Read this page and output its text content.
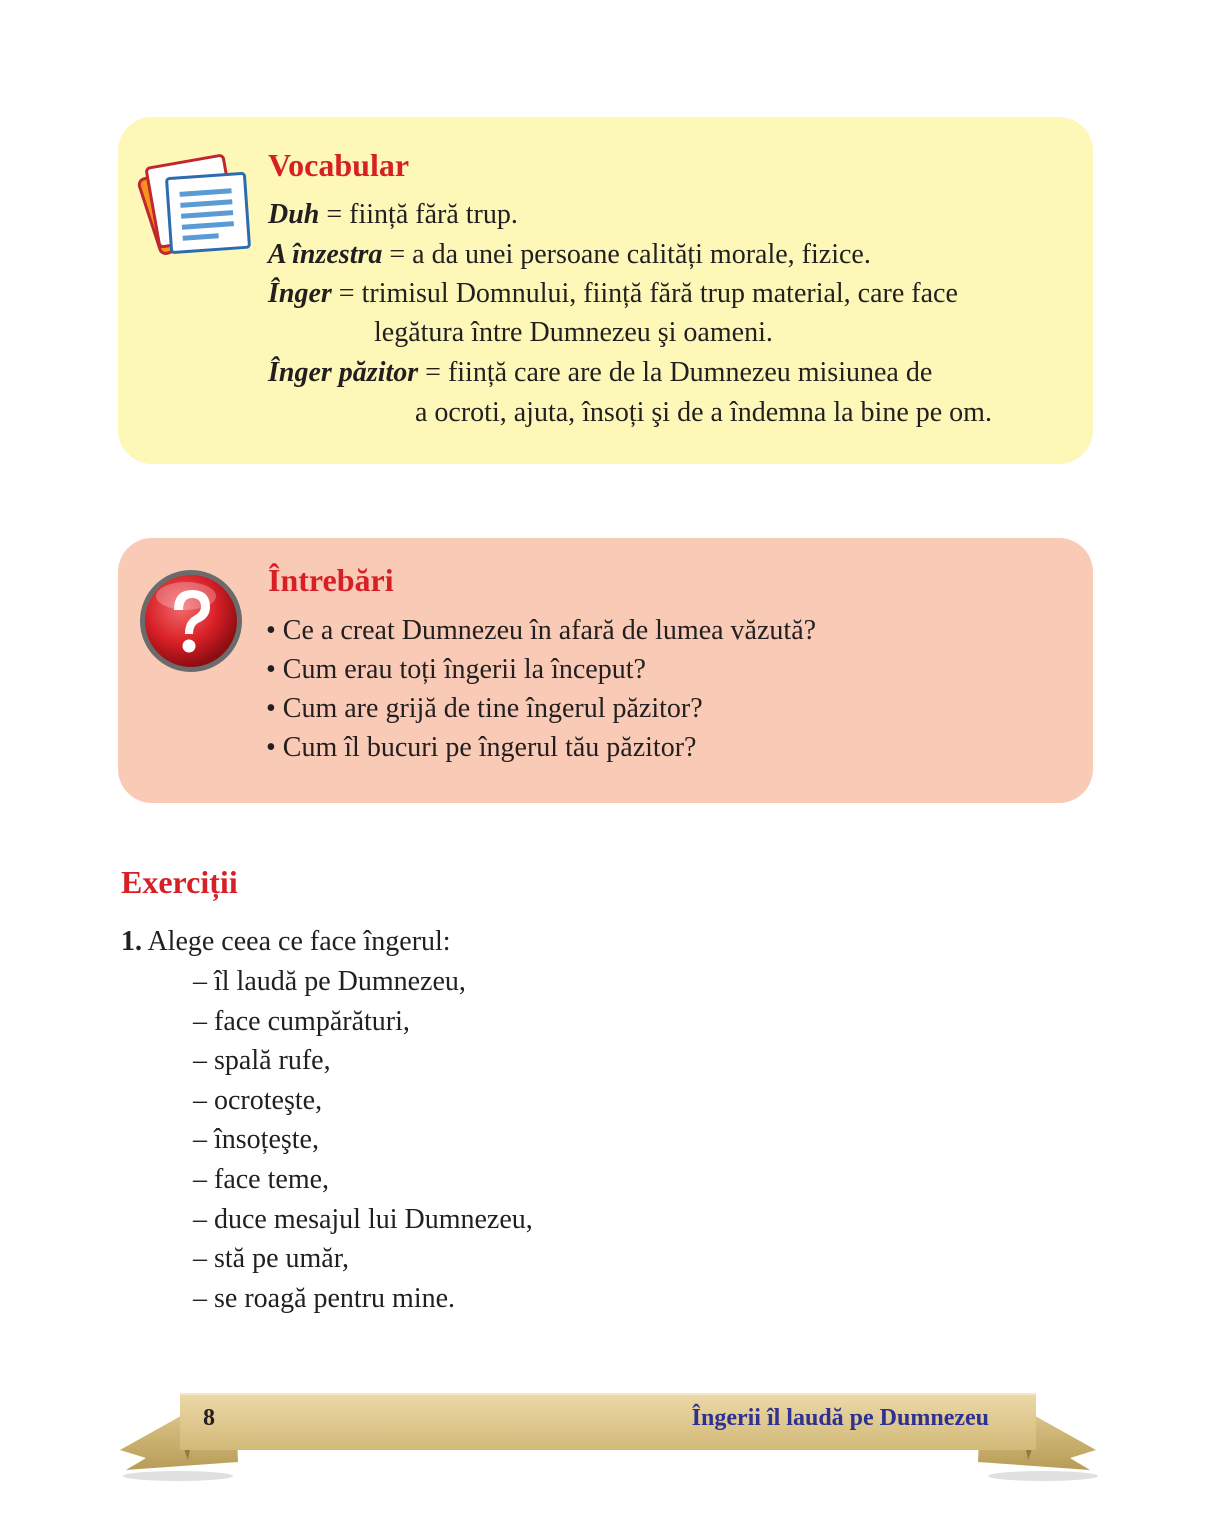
Vocabular
Duh = ființă fără trup.
A înzestra = a da unei persoane calități morale, fizice.
Înger = trimisul Domnului, ființă fără trup material, care face
legătura între Dumnezeu şi oameni.
Înger păzitor = ființă care are de la Dumnezeu misiunea de
a ocroti, ajuta, însoți şi de a îndemna la bine pe om.
Întrebări
• Ce a creat Dumnezeu în afară de lumea văzută?
• Cum erau toți îngerii la început?
• Cum are grijă de tine îngerul păzitor?
• Cum îl bucuri pe îngerul tău păzitor?
Exerciții
1. Alege ceea ce face îngerul:
– îl laudă pe Dumnezeu,
– face cumpărături,
– spală rufe,
– ocroteşte,
– însoțeşte,
– face teme,
– duce mesajul lui Dumnezeu,
– stă pe umăr,
– se roagă pentru mine.
8	Îngerii îl laudă pe Dumnezeu
